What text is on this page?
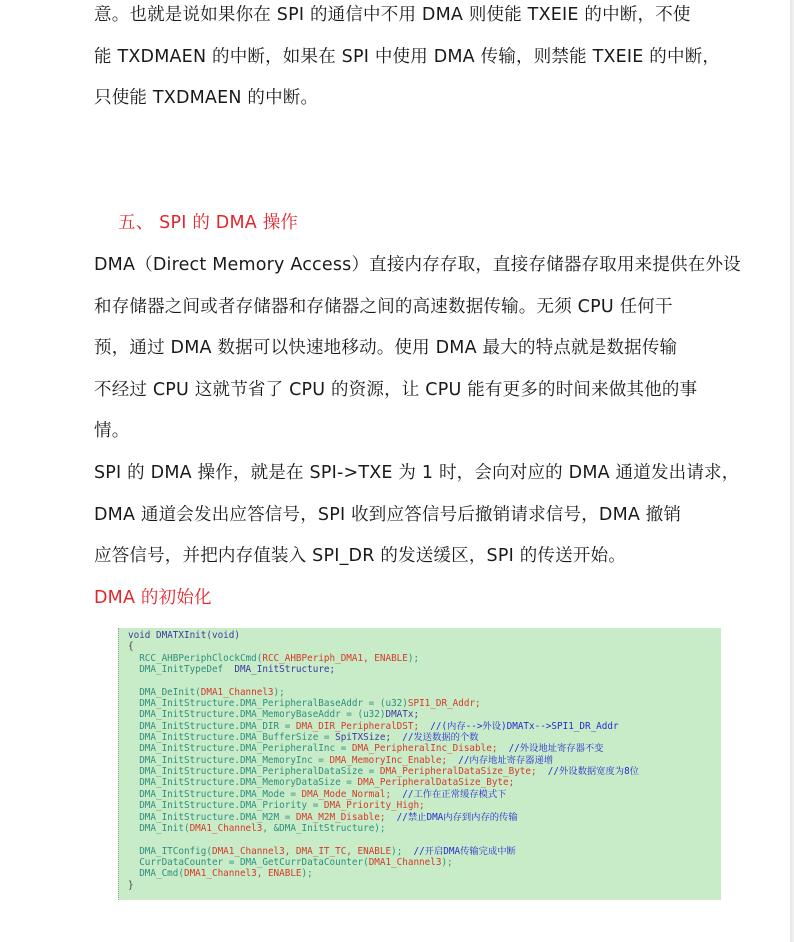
意。也就是说如果你在 SPI 的通信中不用 DMA 则使能 TXEIE 的中断，不使
能 TXDMAEN 的中断，如果在 SPI 中使用 DMA 传输，则禁能 TXEIE 的中断，
只使能 TXDMAEN 的中断。
五、 SPI 的 DMA 操作
DMA（Direct Memory Access）直接内存存取，直接存储器存取用来提供在外设
和存储器之间或者存储器和存储器之间的高速数据传输。无须 CPU 任何干
预，通过 DMA 数据可以快速地移动。使用 DMA 最大的特点就是数据传输
不经过 CPU 这就节省了 CPU 的资源，让 CPU 能有更多的时间来做其他的事
情。
SPI 的 DMA 操作，就是在 SPI->TXE 为 1 时，会向对应的 DMA 通道发出请求，
DMA 通道会发出应答信号，SPI 收到应答信号后撤销请求信号，DMA 撤销
应答信号，并把内存值装入 SPI_DR 的发送缓区，SPI 的传送开始。
DMA 的初始化
void DMATXInit(void)
{
RCC_AHBPeriphClockCmd(RCC_AHBPeriph_DMA1, ENABLE);
DMA_InitTypeDef  DMA_InitStructure;
DMA_DeInit(DMA1_Channel3);
DMA_InitStructure.DMA_PeripheralBaseAddr = (u32)SPI1_DR_Addr;
DMA_InitStructure.DMA_MemoryBaseAddr = (u32)DMATx;
DMA_InitStructure.DMA_DIR = DMA_DIR_PeripheralDST;  //(内存-->外设)DMATx-->SPI1_DR_Addr
DMA_InitStructure.DMA_BufferSize = SpiTXSize;  //发送数据的个数
DMA_InitStructure.DMA_PeripheralInc = DMA_PeripheralInc_Disable;  //外设地址寄存器不变
DMA_InitStructure.DMA_MemoryInc = DMA_MemoryInc_Enable;  //内存地址寄存器递增
DMA_InitStructure.DMA_PeripheralDataSize = DMA_PeripheralDataSize_Byte;  //外设数据宽度为8位
DMA_InitStructure.DMA_MemoryDataSize = DMA_PeripheralDataSize_Byte;
DMA_InitStructure.DMA_Mode = DMA_Mode_Normal;  //工作在正常缓存模式下
DMA_InitStructure.DMA_Priority = DMA_Priority_High;
DMA_InitStructure.DMA_M2M = DMA_M2M_Disable;  //禁止DMA内存到内存的传输
DMA_Init(DMA1_Channel3, &DMA_InitStructure);
DMA_ITConfig(DMA1_Channel3, DMA_IT_TC, ENABLE);  //开启DMA传输完成中断
CurrDataCounter = DMA_GetCurrDataCounter(DMA1_Channel3);
DMA_Cmd(DMA1_Channel3, ENABLE);
}
